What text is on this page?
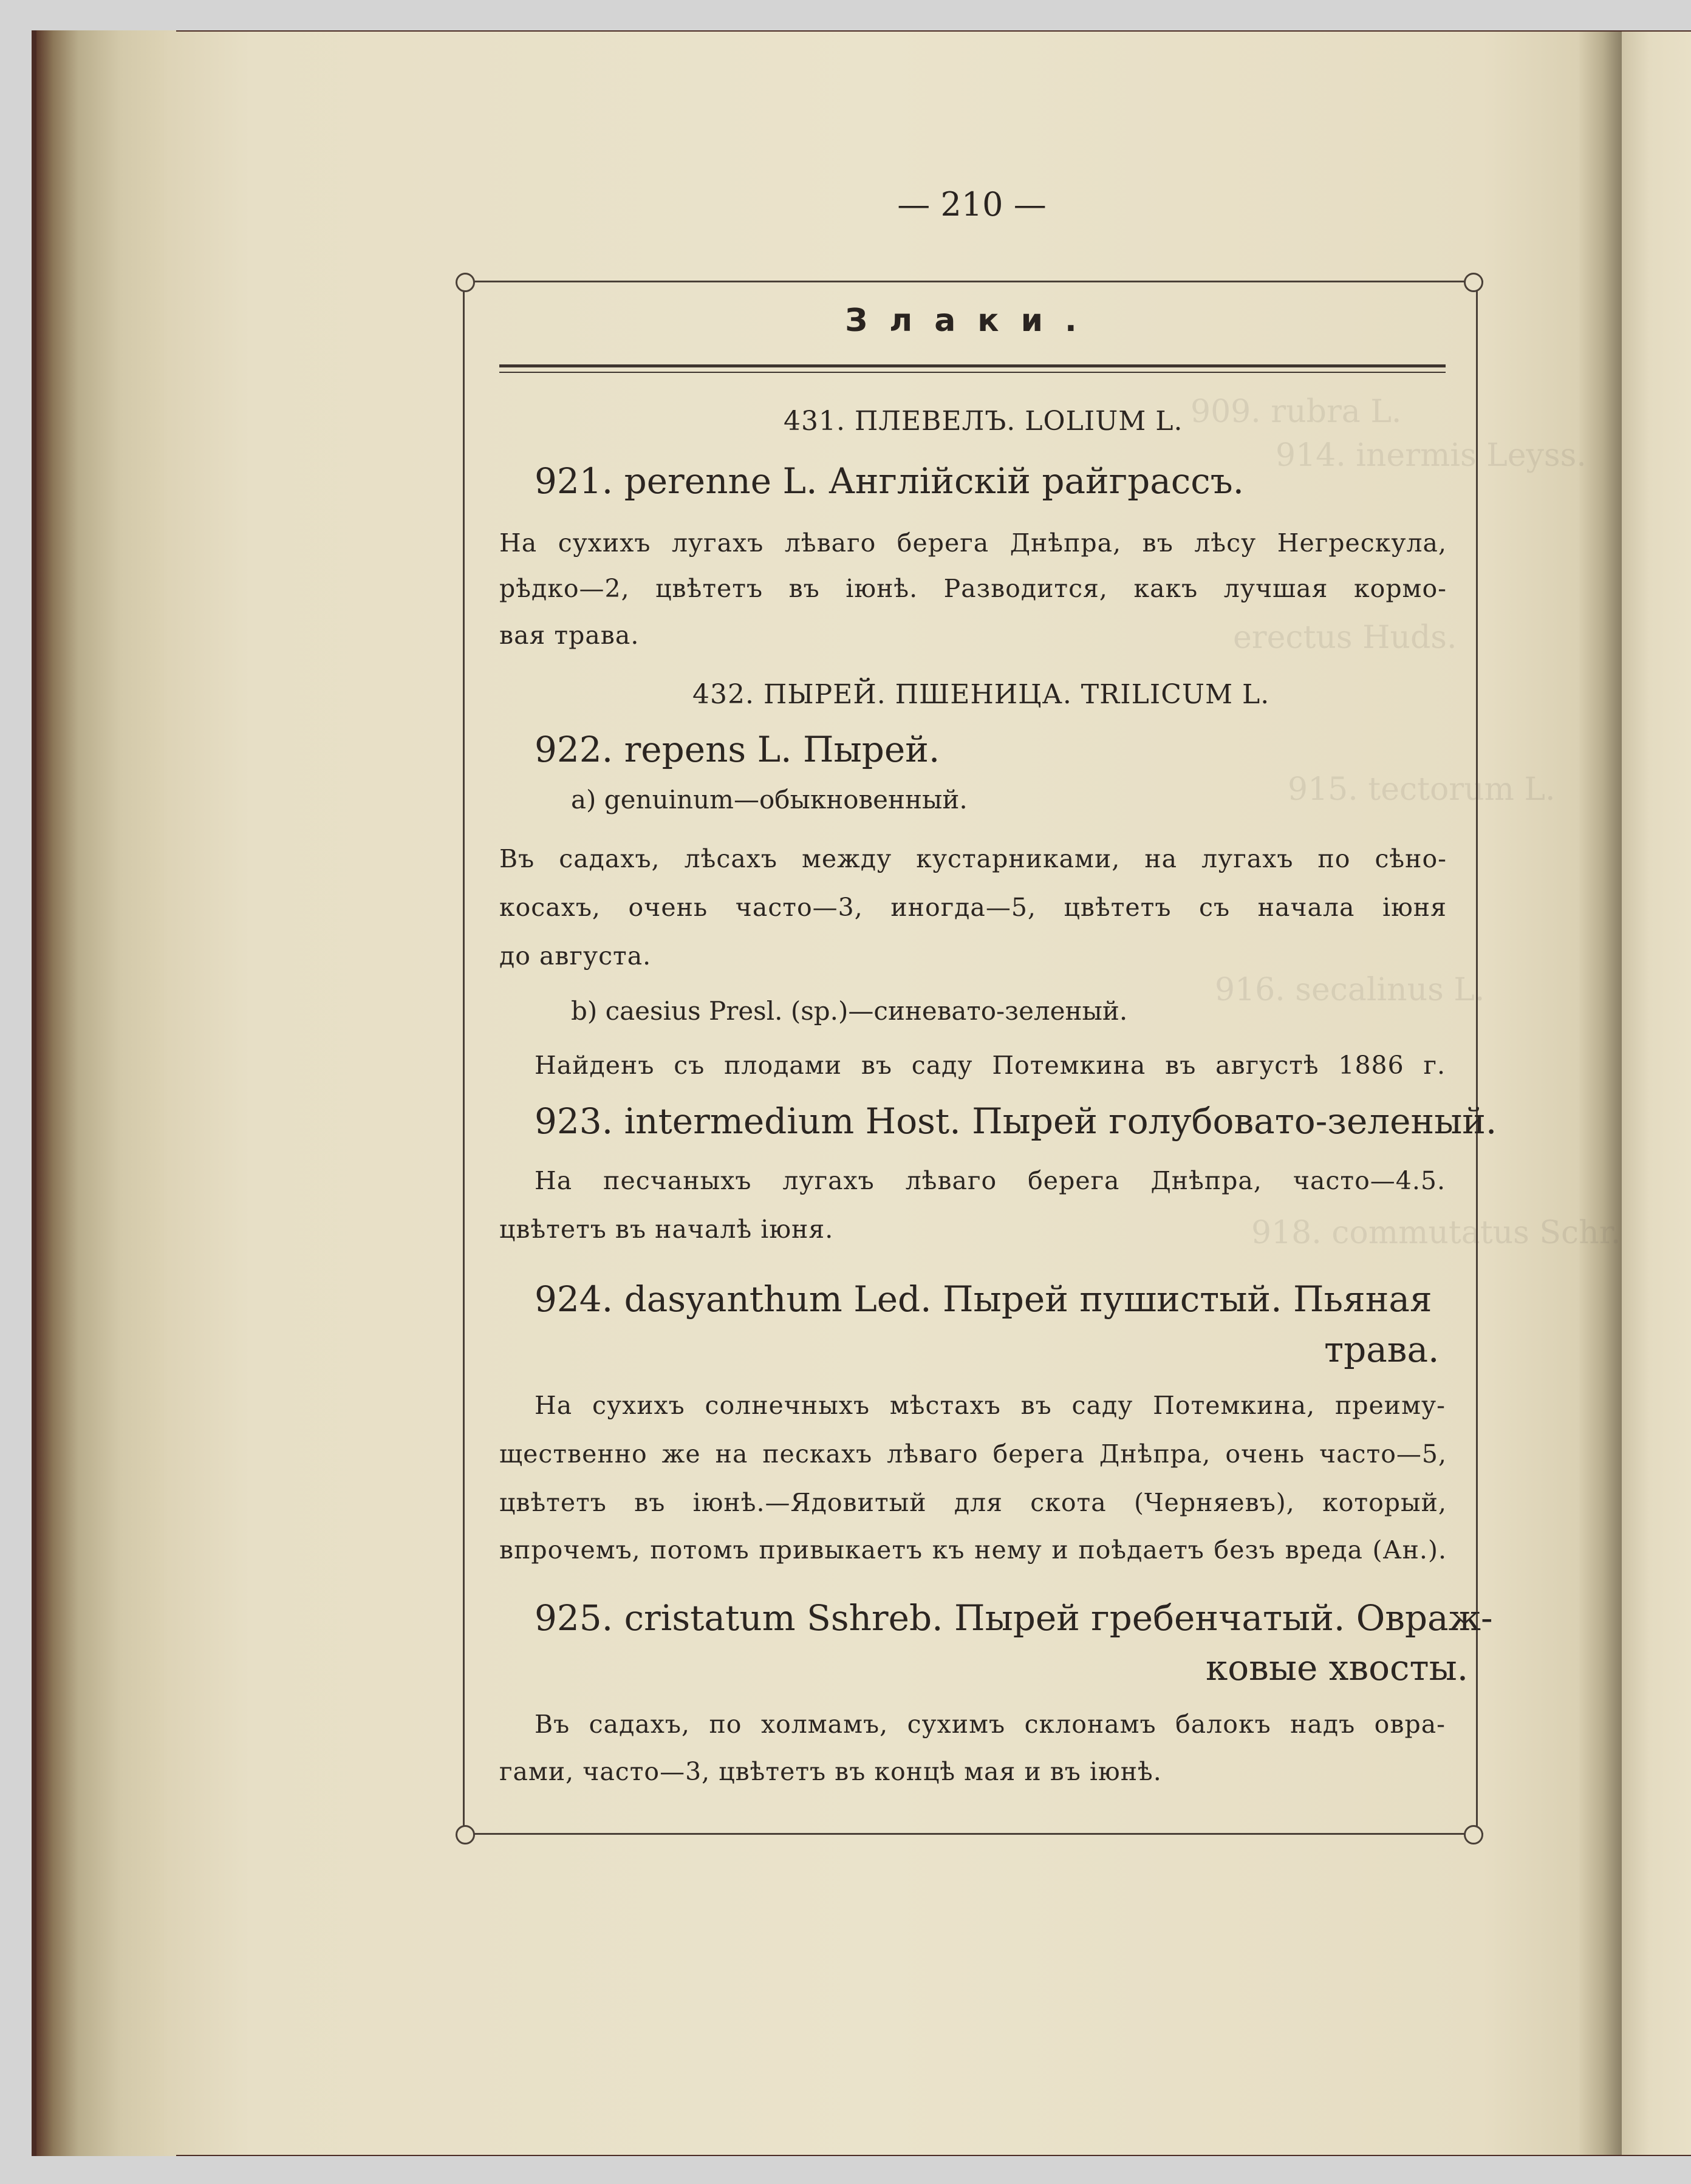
909. rubra L.
914. inermis Leyss.
erectus Huds.
915. tectorum L.
916. secalinus L.
918. commutatus Schr.
— 210 —
Злаки.
431. ПЛЕВЕЛЪ. LOLIUM L.
921. perenne L. Англійскій райграссъ.
На сухихъ лугахъ лѣваго берега Днѣпра, въ лѣсу Негрескула,
рѣдко—2, цвѣтетъ въ іюнѣ. Разводится, какъ лучшая кормо-
вая трава.
432. ПЫРЕЙ. ПШЕНИЦА. TRILICUM L.
922. repens L. Пырей.
a) genuinum—обыкновенный.
Въ садахъ, лѣсахъ между кустарниками, на лугахъ по сѣно-
косахъ, очень часто—3, иногда—5, цвѣтетъ съ начала іюня
до августа.
b) caesius Presl. (sp.)—синевато-зеленый.
Найденъ съ плодами въ саду Потемкина въ августѣ 1886 г.
923. intermedium Host. Пырей голубовато-зеленый.
На песчаныхъ лугахъ лѣваго берега Днѣпра, часто—4.5.
цвѣтетъ въ началѣ іюня.
924. dasyanthum Led. Пырей пушистый. Пьяная
трава.
На сухихъ солнечныхъ мѣстахъ въ саду Потемкина, преиму-
щественно же на пескахъ лѣваго берега Днѣпра, очень часто—5,
цвѣтетъ въ іюнѣ.—Ядовитый для скота (Черняевъ), который,
впрочемъ, потомъ привыкаетъ къ нему и поѣдаетъ безъ вреда (Ан.).
925. cristatum Sshreb. Пырей гребенчатый. Овраж-
ковые хвосты.
Въ садахъ, по холмамъ, сухимъ склонамъ балокъ надъ овра-
гами, часто—3, цвѣтетъ въ концѣ мая и въ іюнѣ.
